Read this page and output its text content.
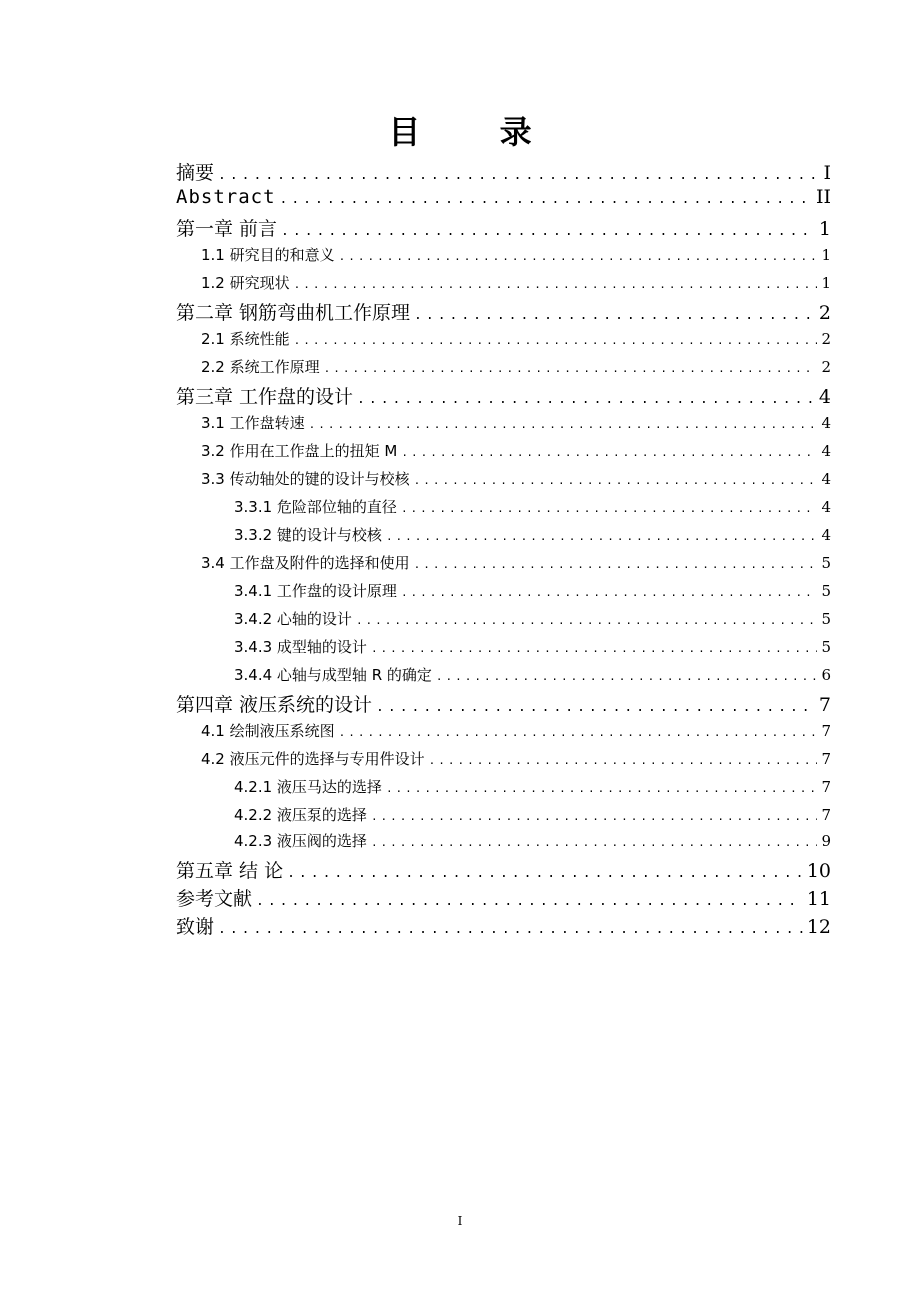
目 录
摘要 .....	I
Abstract .....	II
第一章 前言 .....	1
1.1 研究目的和意义 .....	1
1.2 研究现状 .....	1
第二章 钢筋弯曲机工作原理 .....	2
2.1 系统性能 .....	2
2.2 系统工作原理 .....	2
第三章 工作盘的设计 .....	4
3.1 工作盘转速 .....	4
3.2 作用在工作盘上的扭矩 M .....	4
3.3 传动轴处的键的设计与校核 .....	4
3.3.1 危险部位轴的直径 .....	4
3.3.2 键的设计与校核 .....	4
3.4 工作盘及附件的选择和使用 .....	5
3.4.1 工作盘的设计原理 .....	5
3.4.2 心轴的设计 .....	5
3.4.3 成型轴的设计 .....	5
3.4.4 心轴与成型轴 R 的确定 .....	6
第四章 液压系统的设计 .....	7
4.1 绘制液压系统图 .....	7
4.2 液压元件的选择与专用件设计 .....	7
4.2.1 液压马达的选择 .....	7
4.2.2 液压泵的选择 .....	7
4.2.3 液压阀的选择 .....	9
第五章 结 论 .....	10
参考文献 .....	11
致谢 .....	12
I
